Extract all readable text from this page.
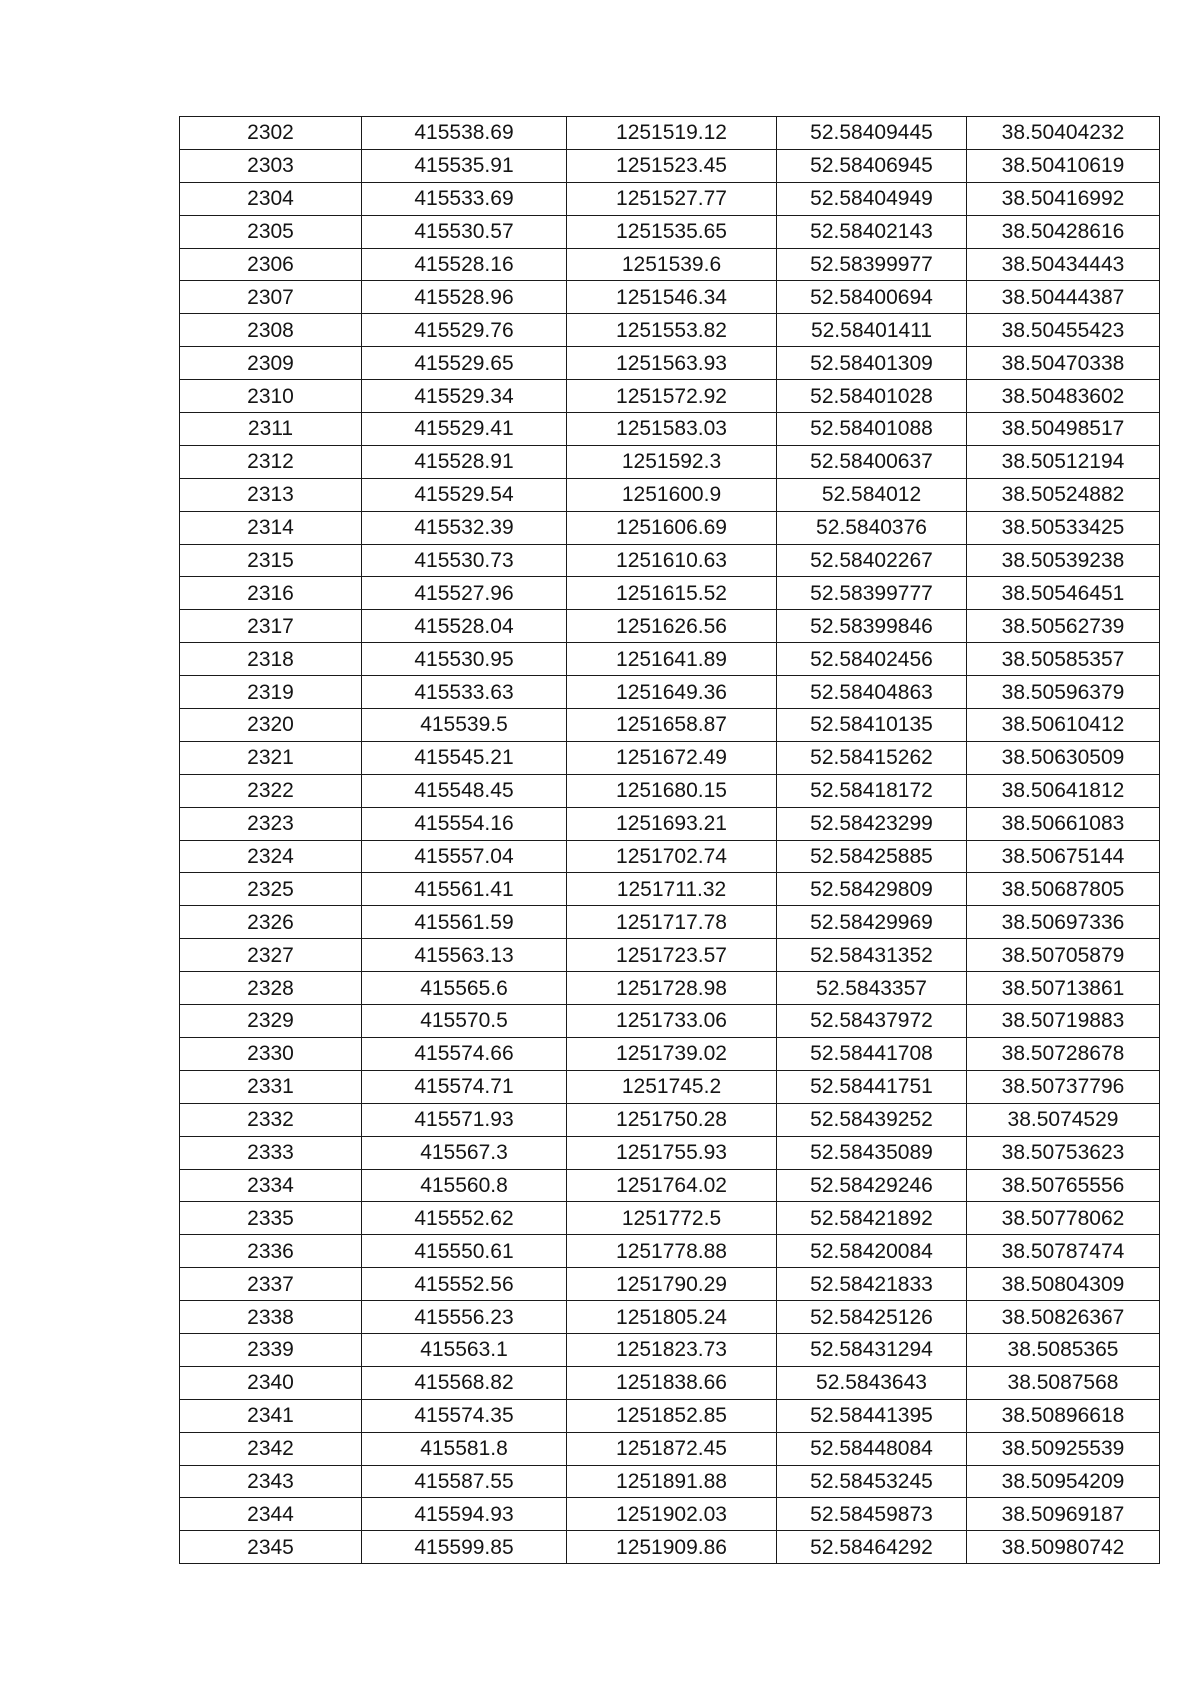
2302	415538.69	1251519.12	52.58409445	38.50404232
2303	415535.91	1251523.45	52.58406945	38.50410619
2304	415533.69	1251527.77	52.58404949	38.50416992
2305	415530.57	1251535.65	52.58402143	38.50428616
2306	415528.16	1251539.6	52.58399977	38.50434443
2307	415528.96	1251546.34	52.58400694	38.50444387
2308	415529.76	1251553.82	52.58401411	38.50455423
2309	415529.65	1251563.93	52.58401309	38.50470338
2310	415529.34	1251572.92	52.58401028	38.50483602
2311	415529.41	1251583.03	52.58401088	38.50498517
2312	415528.91	1251592.3	52.58400637	38.50512194
2313	415529.54	1251600.9	52.584012	38.50524882
2314	415532.39	1251606.69	52.5840376	38.50533425
2315	415530.73	1251610.63	52.58402267	38.50539238
2316	415527.96	1251615.52	52.58399777	38.50546451
2317	415528.04	1251626.56	52.58399846	38.50562739
2318	415530.95	1251641.89	52.58402456	38.50585357
2319	415533.63	1251649.36	52.58404863	38.50596379
2320	415539.5	1251658.87	52.58410135	38.50610412
2321	415545.21	1251672.49	52.58415262	38.50630509
2322	415548.45	1251680.15	52.58418172	38.50641812
2323	415554.16	1251693.21	52.58423299	38.50661083
2324	415557.04	1251702.74	52.58425885	38.50675144
2325	415561.41	1251711.32	52.58429809	38.50687805
2326	415561.59	1251717.78	52.58429969	38.50697336
2327	415563.13	1251723.57	52.58431352	38.50705879
2328	415565.6	1251728.98	52.5843357	38.50713861
2329	415570.5	1251733.06	52.58437972	38.50719883
2330	415574.66	1251739.02	52.58441708	38.50728678
2331	415574.71	1251745.2	52.58441751	38.50737796
2332	415571.93	1251750.28	52.58439252	38.5074529
2333	415567.3	1251755.93	52.58435089	38.50753623
2334	415560.8	1251764.02	52.58429246	38.50765556
2335	415552.62	1251772.5	52.58421892	38.50778062
2336	415550.61	1251778.88	52.58420084	38.50787474
2337	415552.56	1251790.29	52.58421833	38.50804309
2338	415556.23	1251805.24	52.58425126	38.50826367
2339	415563.1	1251823.73	52.58431294	38.5085365
2340	415568.82	1251838.66	52.5843643	38.5087568
2341	415574.35	1251852.85	52.58441395	38.50896618
2342	415581.8	1251872.45	52.58448084	38.50925539
2343	415587.55	1251891.88	52.58453245	38.50954209
2344	415594.93	1251902.03	52.58459873	38.50969187
2345	415599.85	1251909.86	52.58464292	38.50980742
